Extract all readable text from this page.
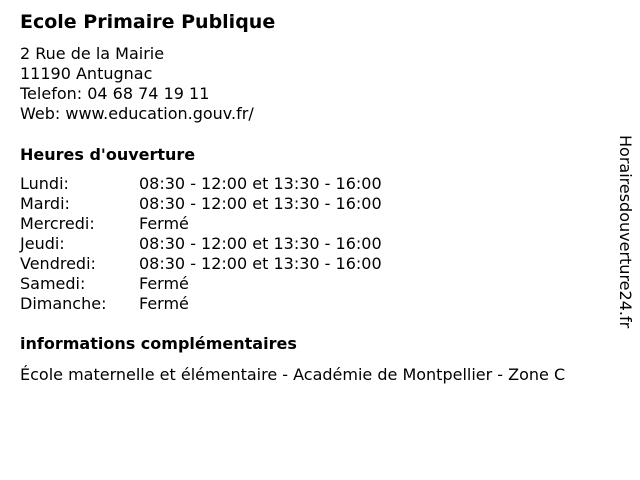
Ecole Primaire Publique
2 Rue de la Mairie
11190 Antugnac
Telefon: 04 68 74 19 11
Web: www.education.gouv.fr/
Heures d'ouverture
Lundi:	08:30 - 12:00 et 13:30 - 16:00
Mardi:	08:30 - 12:00 et 13:30 - 16:00
Mercredi:	Fermé
Jeudi:	08:30 - 12:00 et 13:30 - 16:00
Vendredi:	08:30 - 12:00 et 13:30 - 16:00
Samedi:	Fermé
Dimanche: Fermé
informations complémentaires
École maternelle et élémentaire - Académie de Montpellier - Zone C
Horairesdouverture24.fr
